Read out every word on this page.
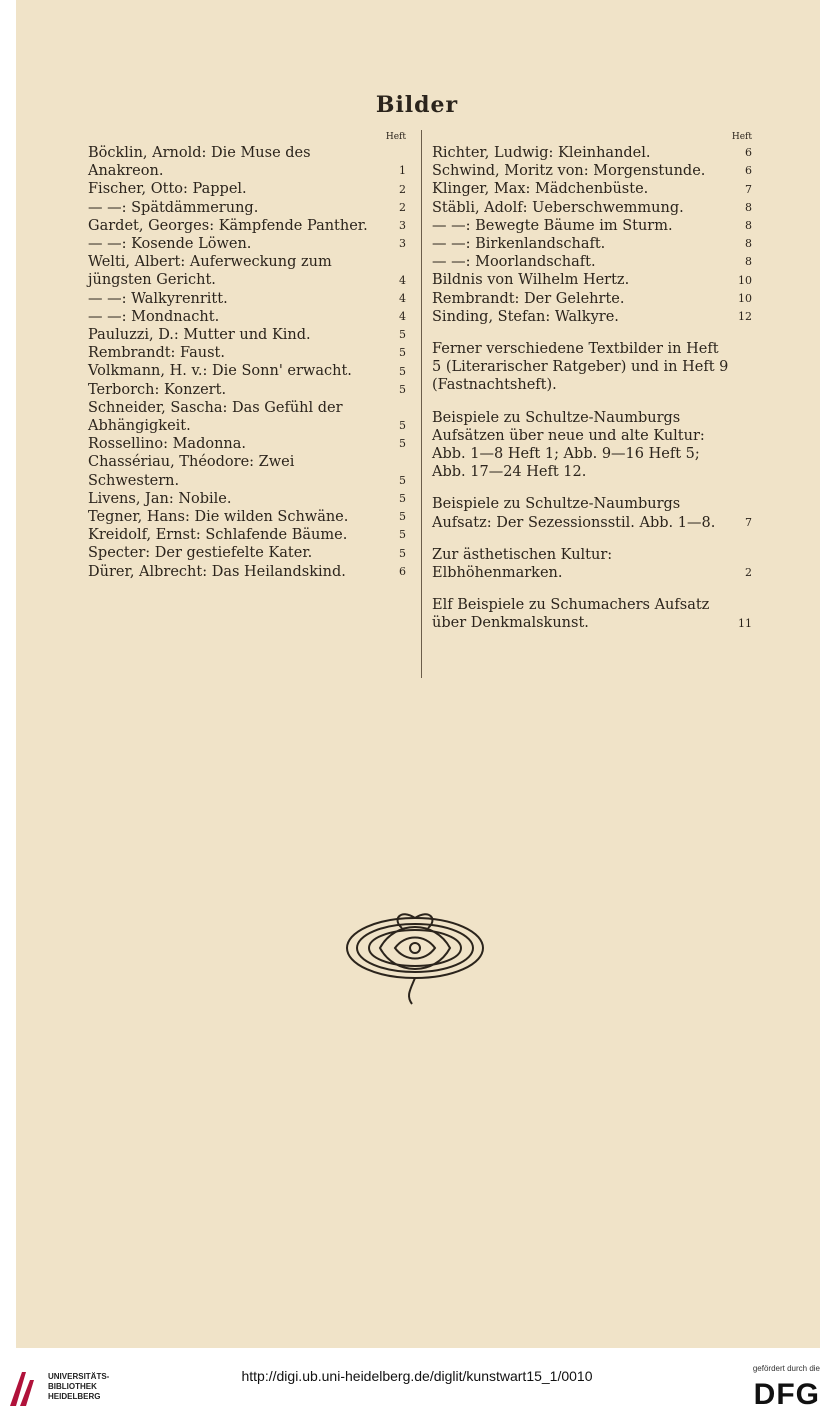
Bilder
Heft
Böcklin, Arnold: Die Muse des Anakreon.	1
Fischer, Otto: Pappel.	2
— —: Spätdämmerung.	2
Gardet, Georges: Kämpfende Panther.	3
— —: Kosende Löwen.	3
Welti, Albert: Auferweckung zum jüngsten Gericht.	4
— —: Walkyrenritt.	4
— —: Mondnacht.	4
Pauluzzi, D.: Mutter und Kind.	5
Rembrandt: Faust.	5
Volkmann, H. v.: Die Sonn' erwacht.	5
Terborch: Konzert.	5
Schneider, Sascha: Das Gefühl der Abhängigkeit.	5
Rossellino: Madonna.	5
Chassériau, Théodore: Zwei Schwestern.	5
Livens, Jan: Nobile.	5
Tegner, Hans: Die wilden Schwäne.	5
Kreidolf, Ernst: Schlafende Bäume.	5
Specter: Der gestiefelte Kater.	5
Dürer, Albrecht: Das Heilandskind.	6
Heft
Richter, Ludwig: Kleinhandel.	6
Schwind, Moritz von: Morgenstunde.	6
Klinger, Max: Mädchenbüste.	7
Stäbli, Adolf: Ueberschwemmung.	8
— —: Bewegte Bäume im Sturm.	8
— —: Birkenlandschaft.	8
— —: Moorlandschaft.	8
Bildnis von Wilhelm Hertz.	10
Rembrandt: Der Gelehrte.	10
Sinding, Stefan: Walkyre.	12
Ferner verschiedene Textbilder in Heft 5 (Literarischer Ratgeber) und in Heft 9 (Fastnachtsheft).
Beispiele zu Schultze-Naumburgs Aufsätzen über neue und alte Kultur: Abb. 1—8 Heft 1; Abb. 9—16 Heft 5; Abb. 17—24 Heft 12.
Beispiele zu Schultze-Naumburgs Aufsatz: Der Sezessionsstil. Abb. 1—8.	7
Zur ästhetischen Kultur: Elbhöhenmarken.	2
Elf Beispiele zu Schumachers Aufsatz über Denkmalskunst.	11
UNIVERSITÄTS-
BIBLIOTHEK
HEIDELBERG
http://digi.ub.uni-heidelberg.de/diglit/kunstwart15_1/0010	gefördert durch die
DFG
